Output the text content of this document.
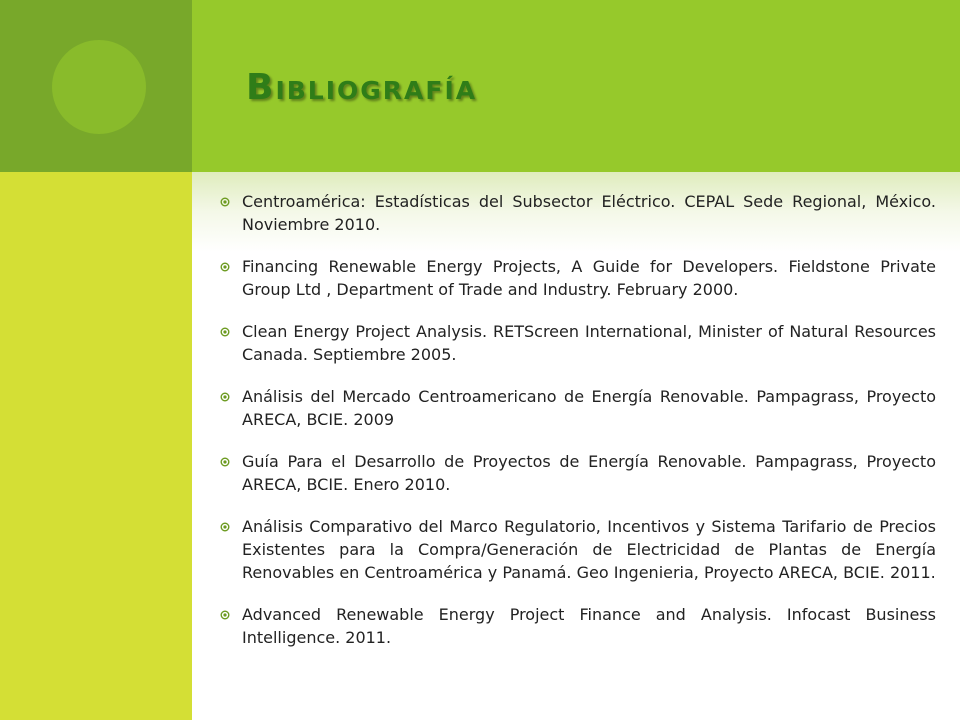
Bibliografía
Centroamérica: Estadísticas del Subsector Eléctrico. CEPAL Sede Regional, México. Noviembre 2010.
Financing Renewable Energy Projects, A Guide for Developers. Fieldstone Private Group Ltd , Department of Trade and Industry. February 2000.
Clean Energy Project Analysis. RETScreen International, Minister of Natural Resources Canada. Septiembre 2005.
Análisis del Mercado Centroamericano de Energía Renovable. Pampagrass, Proyecto ARECA, BCIE. 2009
Guía Para el Desarrollo de Proyectos de Energía Renovable. Pampagrass, Proyecto ARECA, BCIE. Enero 2010.
Análisis Comparativo del Marco Regulatorio, Incentivos y Sistema Tarifario de Precios Existentes para la Compra/Generación de Electricidad de Plantas de Energía Renovables en Centroamérica y Panamá. Geo Ingenieria, Proyecto ARECA, BCIE. 2011.
Advanced Renewable Energy Project Finance and Analysis. Infocast Business Intelligence. 2011.
